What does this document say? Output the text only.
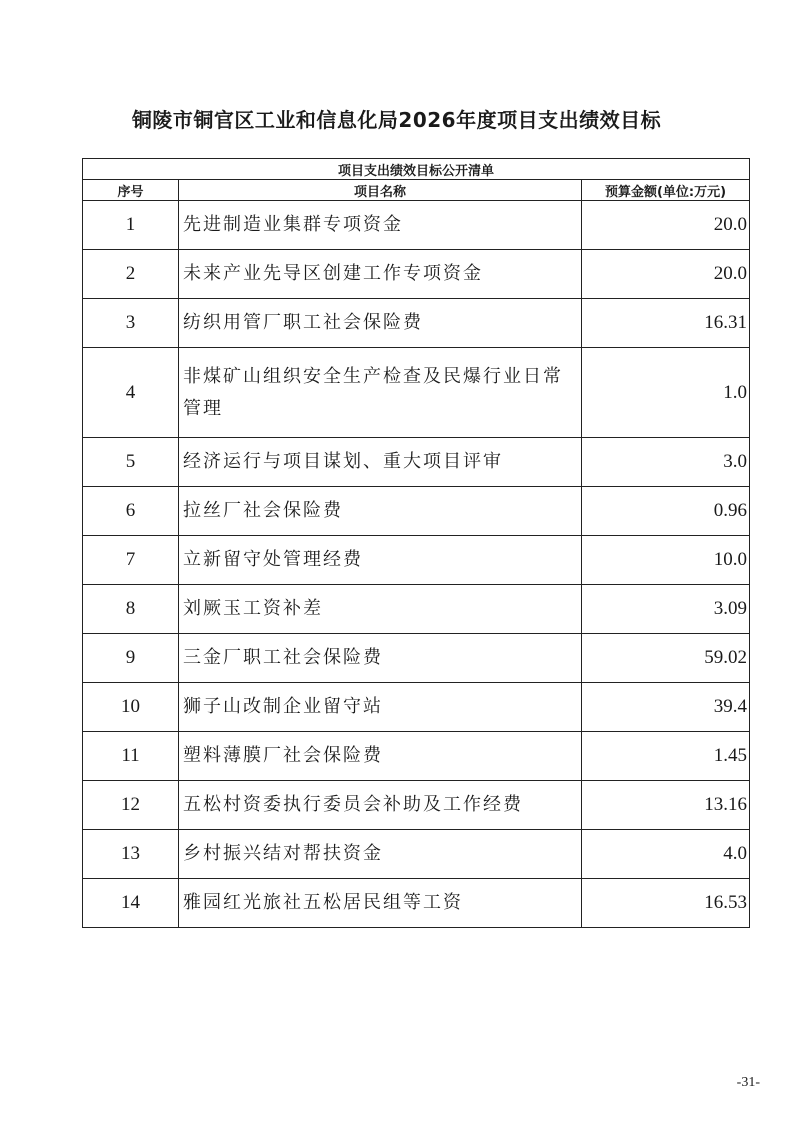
铜陵市铜官区工业和信息化局2026年度项目支出绩效目标
项目支出绩效目标公开清单		
序号	项目名称	预算金额(单位:万元)
1	先进制造业集群专项资金	20.0
2	未来产业先导区创建工作专项资金	20.0
3	纺织用管厂职工社会保险费	16.31
4	非煤矿山组织安全生产检查及民爆行业日常管理	1.0
5	经济运行与项目谋划、重大项目评审	3.0
6	拉丝厂社会保险费	0.96
7	立新留守处管理经费	10.0
8	刘厥玉工资补差	3.09
9	三金厂职工社会保险费	59.02
10	狮子山改制企业留守站	39.4
11	塑料薄膜厂社会保险费	1.45
12	五松村资委执行委员会补助及工作经费	13.16
13	乡村振兴结对帮扶资金	4.0
14	雅园红光旅社五松居民组等工资	16.53
-31-
